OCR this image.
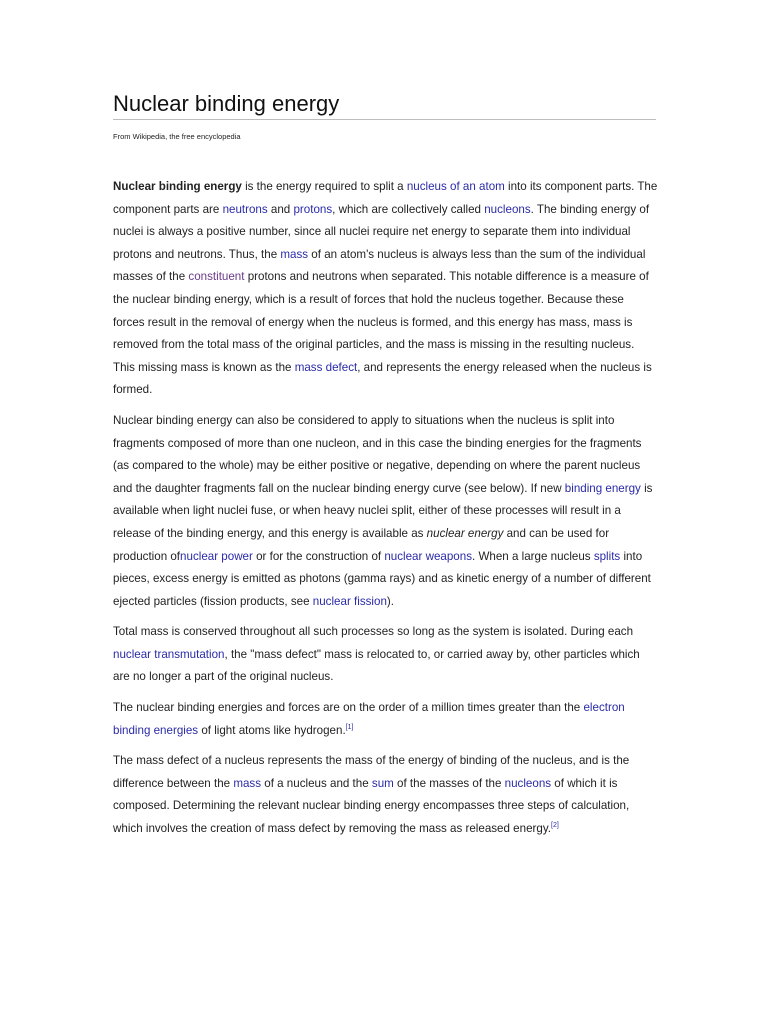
Nuclear binding energy
From Wikipedia, the free encyclopedia

Nuclear binding energy is the energy required to split a nucleus of an atom into its component parts. The component parts are neutrons and protons, which are collectively called nucleons. The binding energy of nuclei is always a positive number, since all nuclei require net energy to separate them into individual protons and neutrons. Thus, the mass of an atom's nucleus is always less than the sum of the individual masses of the constituent protons and neutrons when separated. This notable difference is a measure of the nuclear binding energy, which is a result of forces that hold the nucleus together. Because these forces result in the removal of energy when the nucleus is formed, and this energy has mass, mass is removed from the total mass of the original particles, and the mass is missing in the resulting nucleus. This missing mass is known as the mass defect, and represents the energy released when the nucleus is formed.

Nuclear binding energy can also be considered to apply to situations when the nucleus is split into fragments composed of more than one nucleon, and in this case the binding energies for the fragments (as compared to the whole) may be either positive or negative, depending on where the parent nucleus and the daughter fragments fall on the nuclear binding energy curve (see below). If new binding energy is available when light nuclei fuse, or when heavy nuclei split, either of these processes will result in a release of the binding energy, and this energy is available as nuclear energy and can be used for production ofnuclear power or for the construction of nuclear weapons. When a large nucleus splits into pieces, excess energy is emitted as photons (gamma rays) and as kinetic energy of a number of different ejected particles (fission products, see nuclear fission).

Total mass is conserved throughout all such processes so long as the system is isolated. During each nuclear transmutation, the "mass defect" mass is relocated to, or carried away by, other particles which are no longer a part of the original nucleus.

The nuclear binding energies and forces are on the order of a million times greater than the electron binding energies of light atoms like hydrogen.[1]

The mass defect of a nucleus represents the mass of the energy of binding of the nucleus, and is the difference between the mass of a nucleus and the sum of the masses of the nucleons of which it is composed. Determining the relevant nuclear binding energy encompasses three steps of calculation, which involves the creation of mass defect by removing the mass as released energy.[2]
